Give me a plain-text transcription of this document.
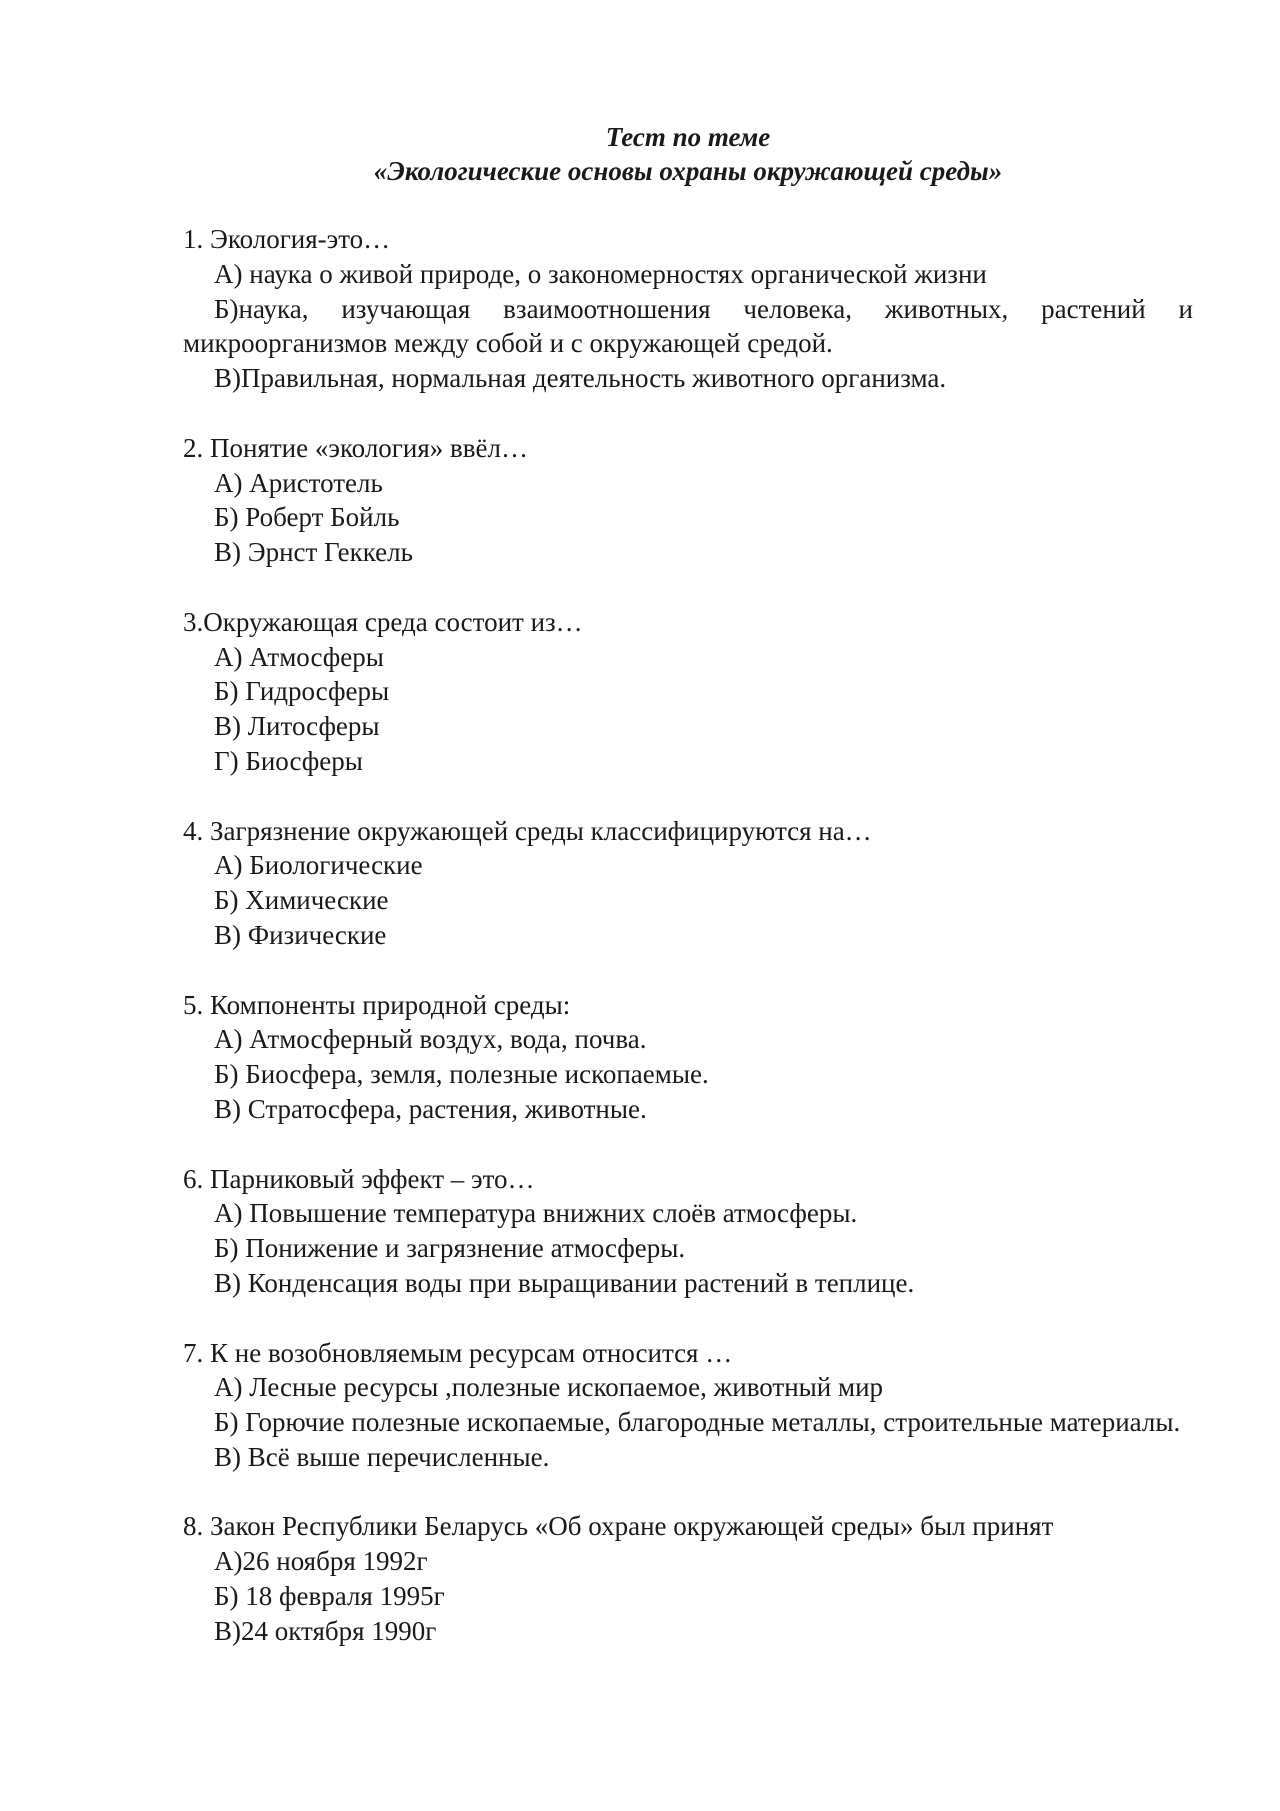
Тест по теме
«Экологические основы охраны окружающей среды»
1. Экология-это…
А) наука о живой природе, о закономерностях органической жизни
Б)наука, изучающая взаимоотношения человека, животных, растений и микроорганизмов между собой и с окружающей средой.
В)Правильная, нормальная деятельность животного организма.
2. Понятие «экология» ввёл…
А) Аристотель
Б) Роберт Бойль
В) Эрнст Геккель
3.Окружающая среда состоит из…
А) Атмосферы
Б) Гидросферы
В) Литосферы
Г) Биосферы
4. Загрязнение окружающей среды классифицируются на…
А) Биологические
Б) Химические
В) Физические
5. Компоненты природной среды:
А) Атмосферный воздух, вода, почва.
Б) Биосфера, земля, полезные ископаемые.
В) Стратосфера, растения, животные.
6. Парниковый эффект – это…
А) Повышение температура внижних слоёв атмосферы.
Б) Понижение и загрязнение атмосферы.
В) Конденсация воды при выращивании растений в теплице.
7. К не возобновляемым ресурсам относится …
А) Лесные ресурсы ,полезные ископаемое, животный мир
Б) Горючие полезные ископаемые, благородные металлы, строительные материалы.
В) Всё выше перечисленные.
8. Закон Республики Беларусь «Об охране окружающей среды» был принят
А)26 ноября 1992г
Б) 18 февраля 1995г
В)24 октября 1990г
